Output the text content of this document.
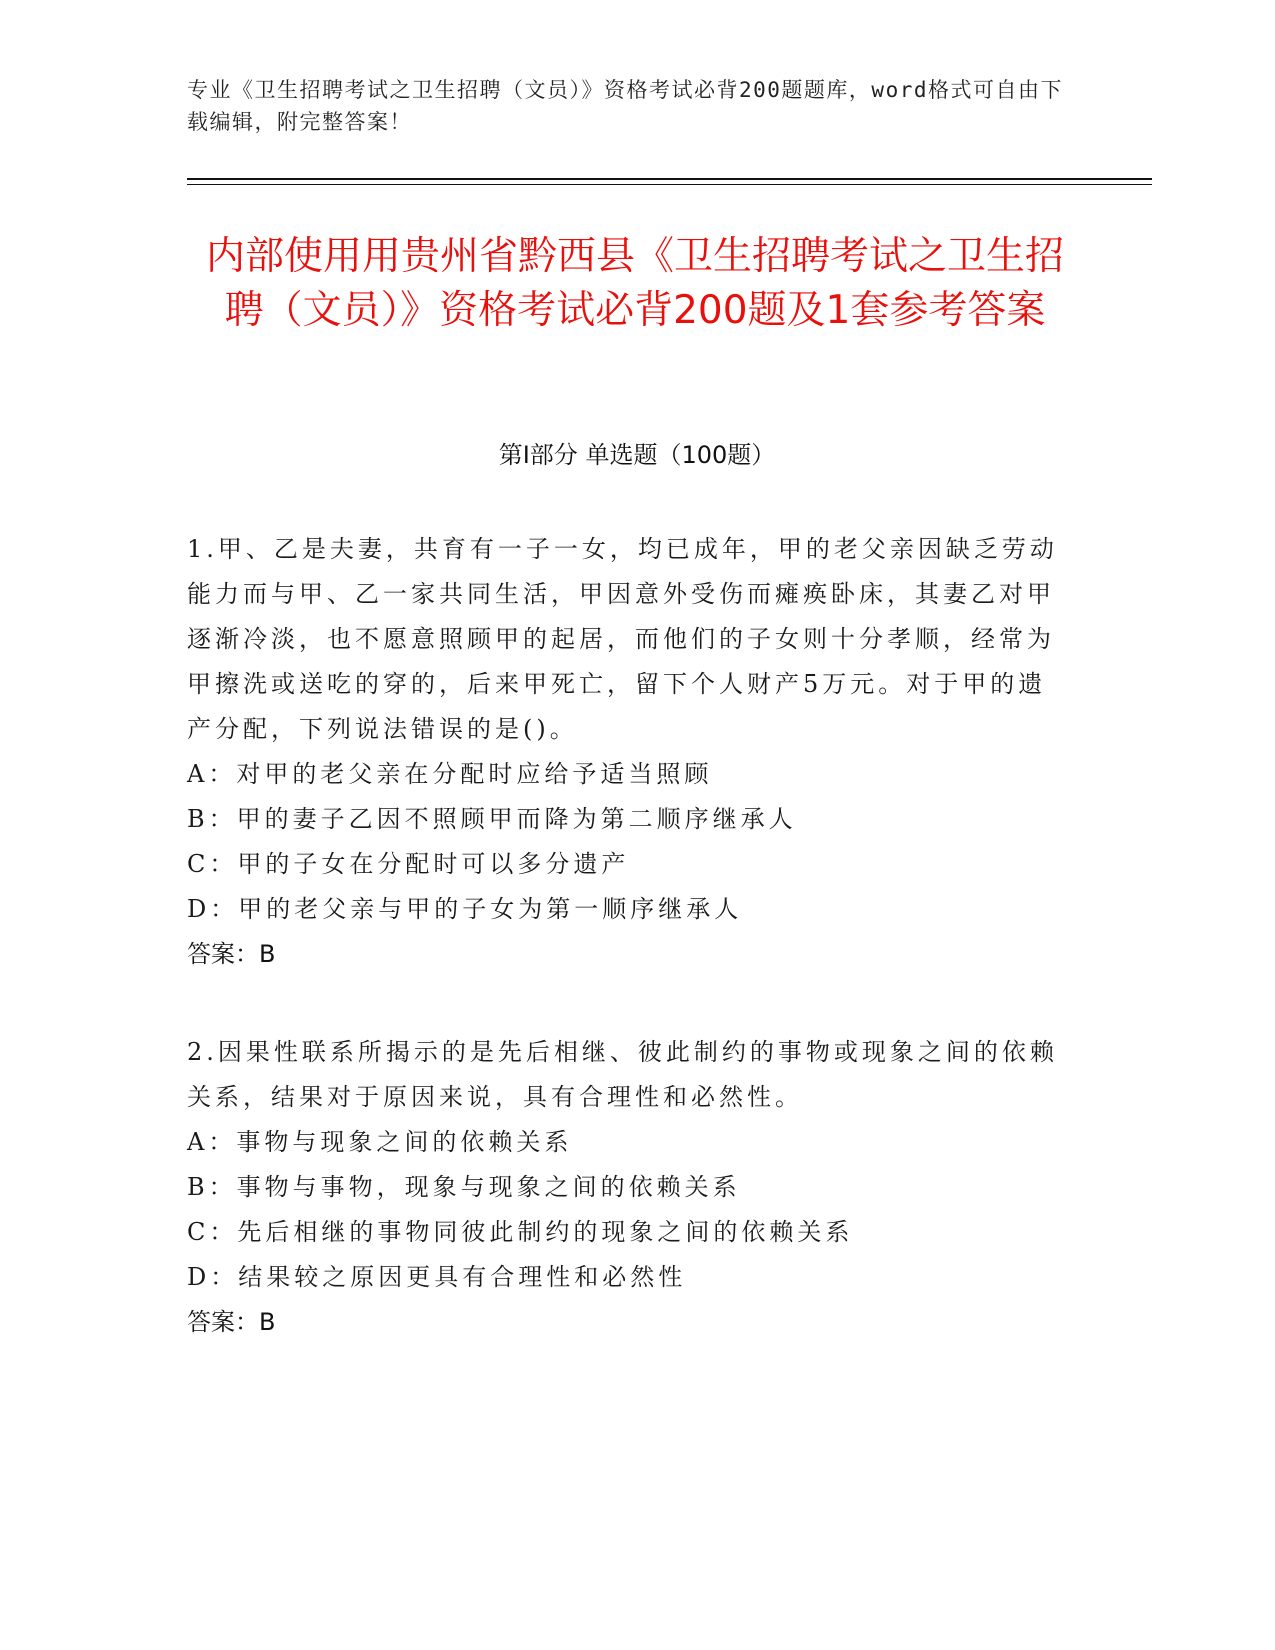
专业《卫生招聘考试之卫生招聘（文员）》资格考试必背200题题库，word格式可自由下载编辑，附完整答案！
内部使用用贵州省黔西县《卫生招聘考试之卫生招聘（文员）》资格考试必背200题及1套参考答案
第Ⅰ部分 单选题（100题）

1.甲、乙是夫妻，共育有一子一女，均已成年，甲的老父亲因缺乏劳动能力而与甲、乙一家共同生活，甲因意外受伤而瘫痪卧床，其妻乙对甲逐渐冷淡，也不愿意照顾甲的起居，而他们的子女则十分孝顺，经常为甲擦洗或送吃的穿的，后来甲死亡，留下个人财产5万元。对于甲的遗产分配，下列说法错误的是()。

A：对甲的老父亲在分配时应给予适当照顾

B：甲的妻子乙因不照顾甲而降为第二顺序继承人

C：甲的子女在分配时可以多分遗产

D：甲的老父亲与甲的子女为第一顺序继承人

答案：B

2.因果性联系所揭示的是先后相继、彼此制约的事物或现象之间的依赖关系，结果对于原因来说，具有合理性和必然性。

A：事物与现象之间的依赖关系

B：事物与事物，现象与现象之间的依赖关系

C：先后相继的事物同彼此制约的现象之间的依赖关系

D：结果较之原因更具有合理性和必然性

答案：B
